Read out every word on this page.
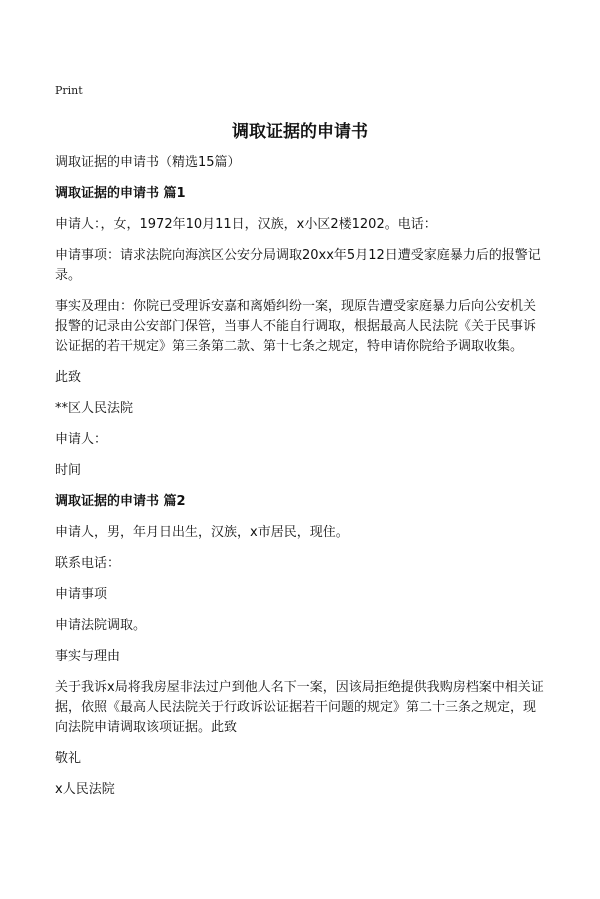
Print
调取证据的申请书

调取证据的申请书（精选15篇）

调取证据的申请书 篇1

申请人：，女，1972年10月11日，汉族，x小区2楼1202。电话：

申请事项：请求法院向海滨区公安分局调取20xx年5月12日遭受家庭暴力后的报警记录。

事实及理由：你院已受理诉安嘉和离婚纠纷一案，现原告遭受家庭暴力后向公安机关报警的记录由公安部门保管，当事人不能自行调取，根据最高人民法院《关于民事诉讼证据的若干规定》第三条第二款、第十七条之规定，特申请你院给予调取收集。

此致

**区人民法院

申请人：

时间

调取证据的申请书 篇2

申请人，男，年月日出生，汉族，x市居民，现住。

联系电话：

申请事项

申请法院调取。

事实与理由

关于我诉x局将我房屋非法过户到他人名下一案，因该局拒绝提供我购房档案中相关证据，依照《最高人民法院关于行政诉讼证据若干问题的规定》第二十三条之规定，现向法院申请调取该项证据。此致

敬礼

x人民法院
